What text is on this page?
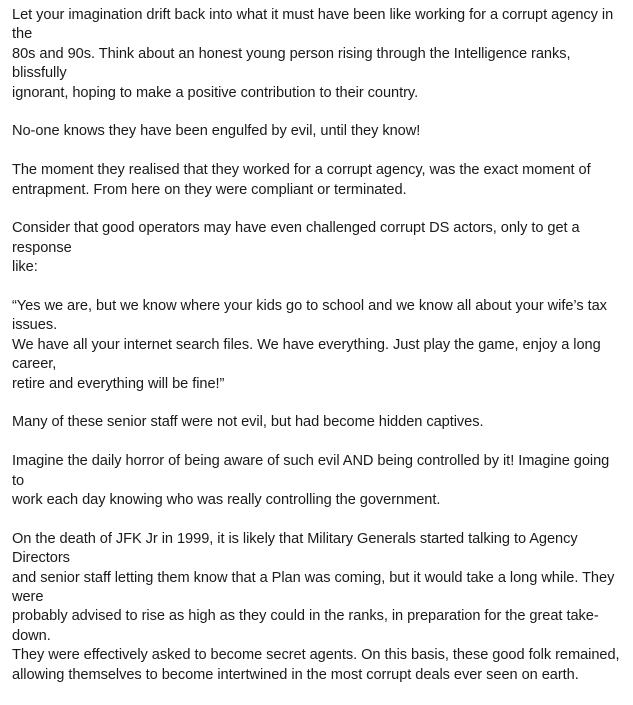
Let your imagination drift back into what it must have been like working for a corrupt agency in the
80s and 90s. Think about an honest young person rising through the Intelligence ranks, blissfully
ignorant, hoping to make a positive contribution to their country.

No-one knows they have been engulfed by evil, until they know!

The moment they realised that they worked for a corrupt agency, was the exact moment of
entrapment. From here on they were compliant or terminated.

Consider that good operators may have even challenged corrupt DS actors, only to get a response
like:

“Yes we are, but we know where your kids go to school and we know all about your wife’s tax issues.
We have all your internet search files. We have everything. Just play the game, enjoy a long career,
retire and everything will be fine!”

Many of these senior staff were not evil, but had become hidden captives.

Imagine the daily horror of being aware of such evil AND being controlled by it! Imagine going to
work each day knowing who was really controlling the government.

On the death of JFK Jr in 1999, it is likely that Military Generals started talking to Agency Directors
and senior staff letting them know that a Plan was coming, but it would take a long while. They were
probably advised to rise as high as they could in the ranks, in preparation for the great take-down.
They were effectively asked to become secret agents. On this basis, these good folk remained,
allowing themselves to become intertwined in the most corrupt deals ever seen on earth.
